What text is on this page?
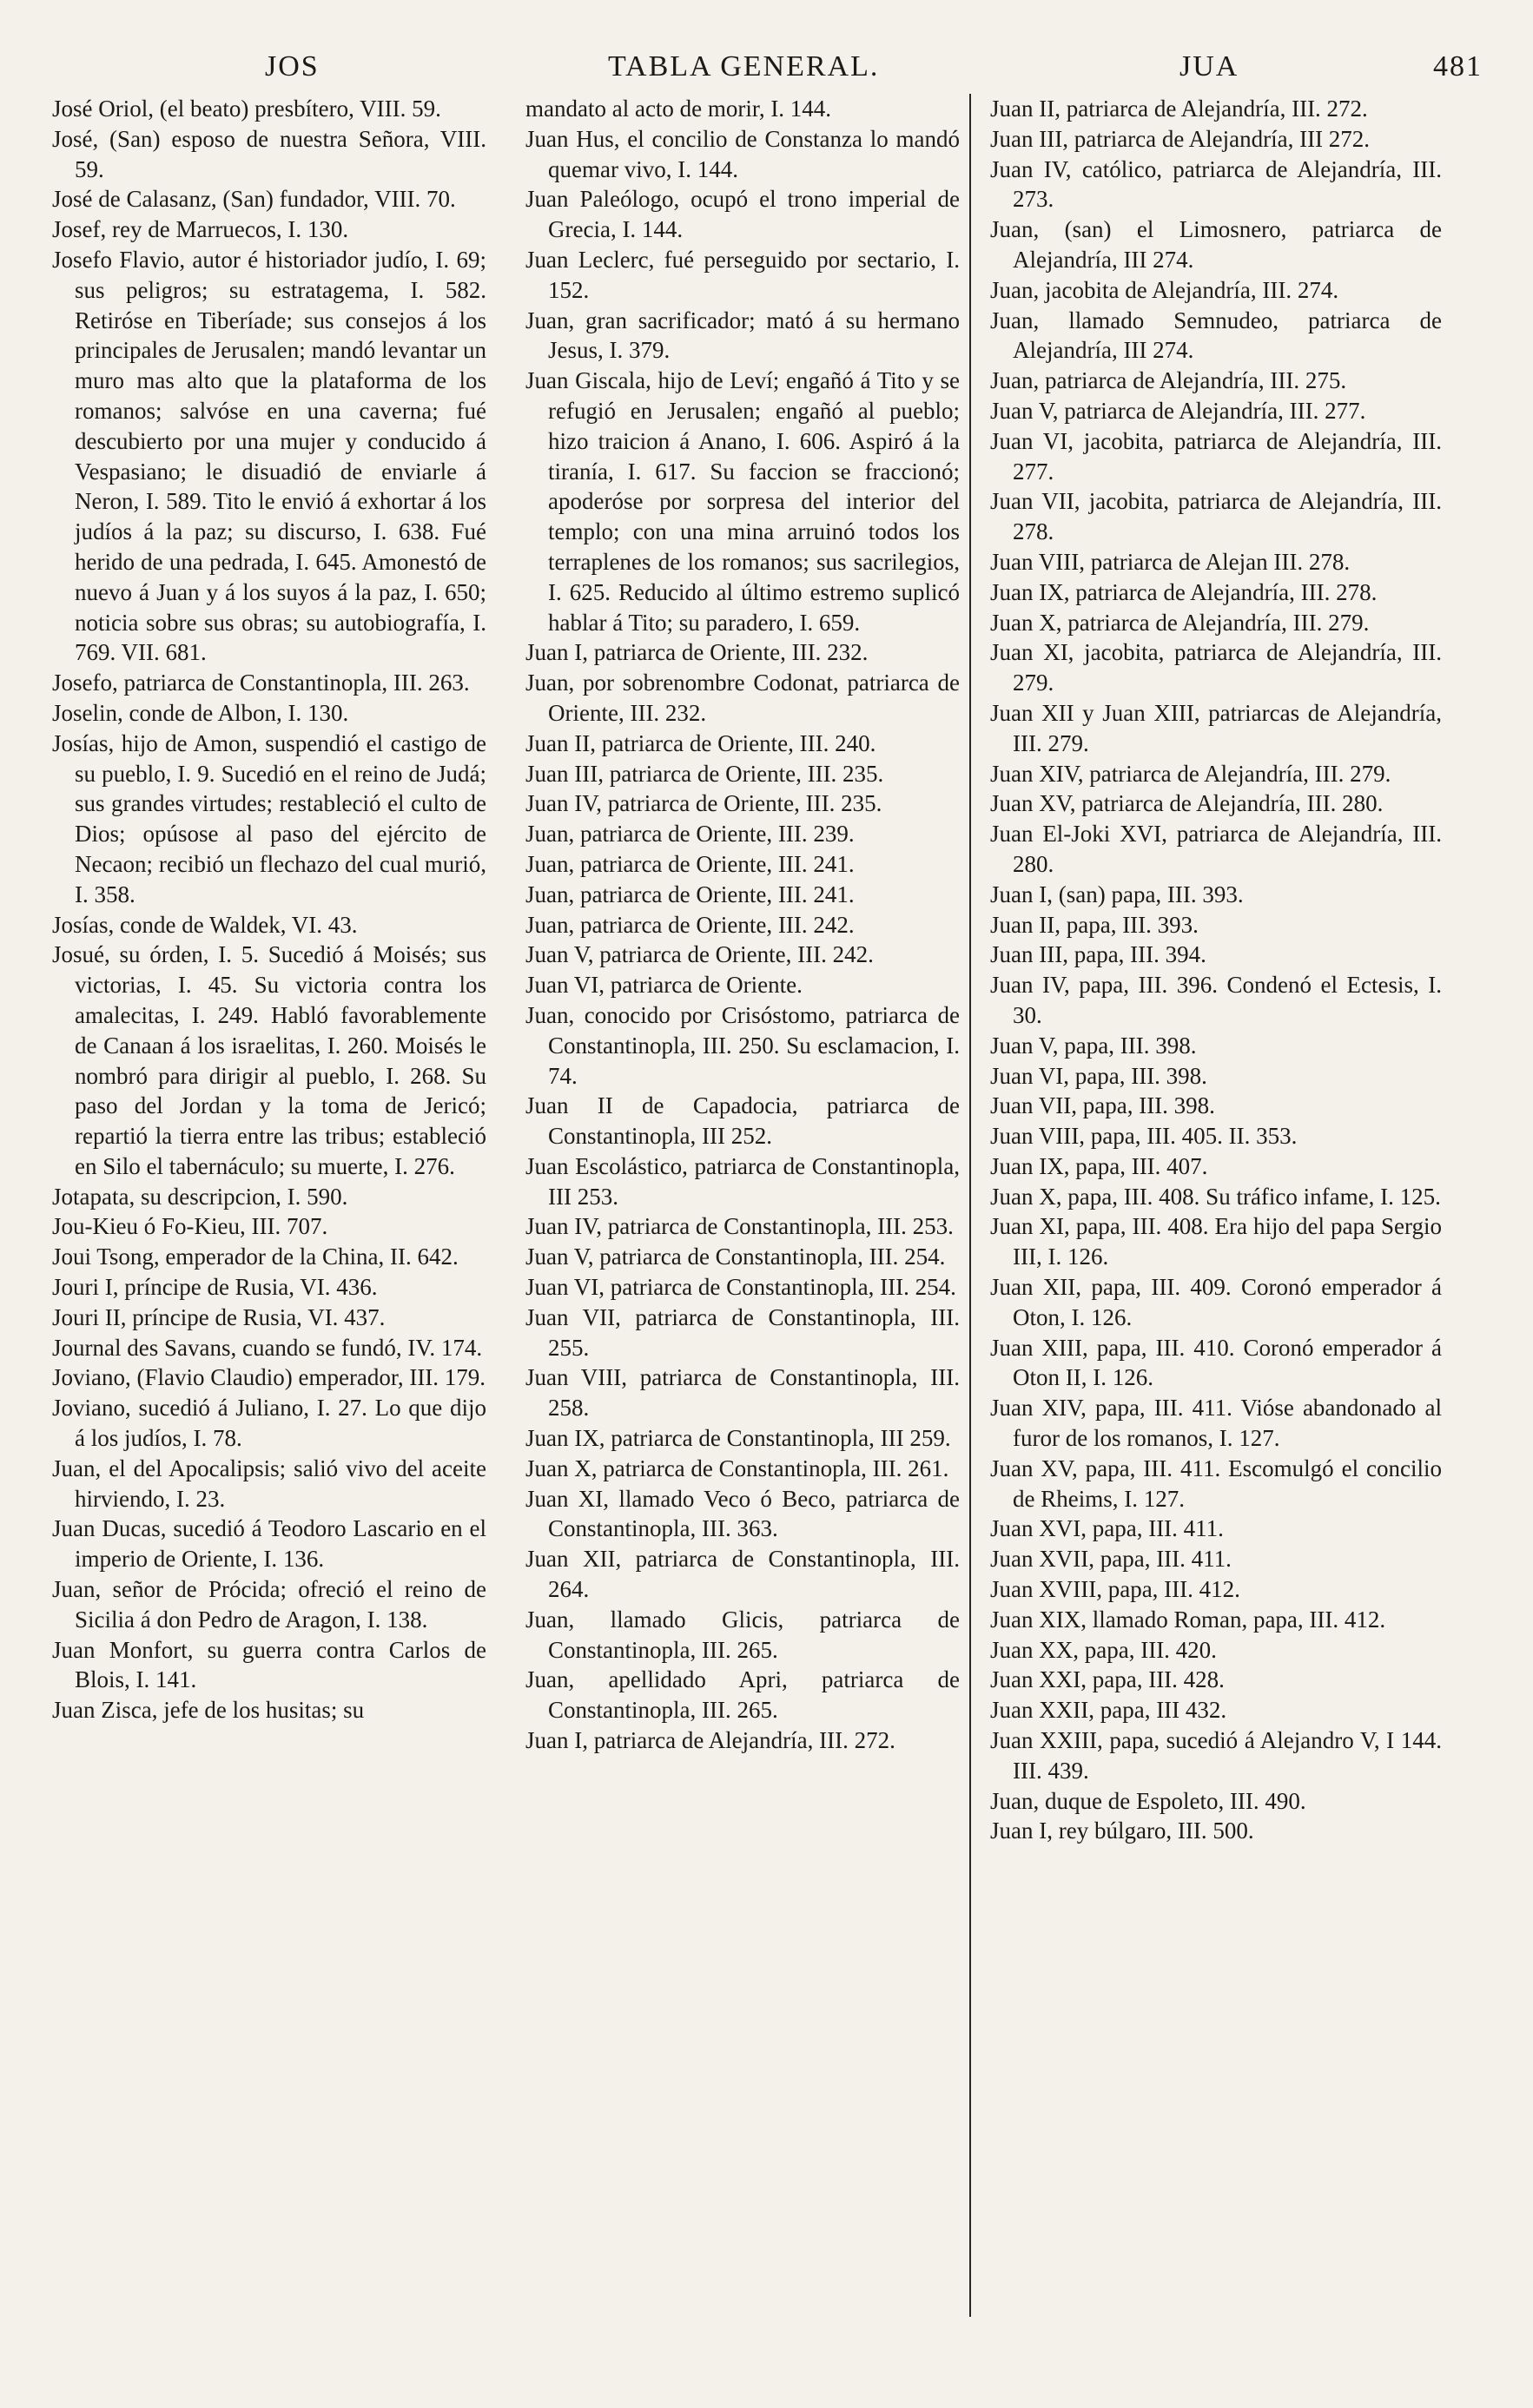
JOS	TABLA GENERAL.	JUA	481

José Oriol, (el beato) presbítero, VIII. 59.

José, (San) esposo de nuestra Señora, VIII. 59.

José de Calasanz, (San) fundador, VIII. 70.

Josef, rey de Marruecos, I. 130.

Josefo Flavio, autor é historiador judío, I. 69; sus peligros; su estratagema, I. 582. Retiróse en Tiberíade; sus consejos á los principales de Jerusalen; mandó levantar un muro mas alto que la plataforma de los romanos; salvóse en una caverna; fué descubierto por una mujer y conducido á Vespasiano; le disuadió de enviarle á Neron, I. 589. Tito le envió á exhortar á los judíos á la paz; su discurso, I. 638. Fué herido de una pedrada, I. 645. Amonestó de nuevo á Juan y á los suyos á la paz, I. 650; noticia sobre sus obras; su autobiografía, I. 769. VII. 681.

Josefo, patriarca de Constantinopla, III. 263.

Joselin, conde de Albon, I. 130.

Josías, hijo de Amon, suspendió el castigo de su pueblo, I. 9. Sucedió en el reino de Judá; sus grandes virtudes; restableció el culto de Dios; opúsose al paso del ejército de Necaon; recibió un flechazo del cual murió, I. 358.

Josías, conde de Waldek, VI. 43.

Josué, su órden, I. 5. Sucedió á Moisés; sus victorias, I. 45. Su victoria contra los amalecitas, I. 249. Habló favorablemente de Canaan á los israelitas, I. 260. Moisés le nombró para dirigir al pueblo, I. 268. Su paso del Jordan y la toma de Jericó; repartió la tierra entre las tribus; estableció en Silo el tabernáculo; su muerte, I. 276.

Jotapata, su descripcion, I. 590.

Jou-Kieu ó Fo-Kieu, III. 707.

Joui Tsong, emperador de la China, II. 642.

Jouri I, príncipe de Rusia, VI. 436.

Jouri II, príncipe de Rusia, VI. 437.

Journal des Savans, cuando se fundó, IV. 174.

Joviano, (Flavio Claudio) emperador, III. 179.

Joviano, sucedió á Juliano, I. 27. Lo que dijo á los judíos, I. 78.

Juan, el del Apocalipsis; salió vivo del aceite hirviendo, I. 23.

Juan Ducas, sucedió á Teodoro Lascario en el imperio de Oriente, I. 136.

Juan, señor de Prócida; ofreció el reino de Sicilia á don Pedro de Aragon, I. 138.

Juan Monfort, su guerra contra Carlos de Blois, I. 141.

Juan Zisca, jefe de los husitas; su

mandato al acto de morir, I. 144.

Juan Hus, el concilio de Constanza lo mandó quemar vivo, I. 144.

Juan Paleólogo, ocupó el trono imperial de Grecia, I. 144.

Juan Leclerc, fué perseguido por sectario, I. 152.

Juan, gran sacrificador; mató á su hermano Jesus, I. 379.

Juan Giscala, hijo de Leví; engañó á Tito y se refugió en Jerusalen; engañó al pueblo; hizo traicion á Anano, I. 606. Aspiró á la tiranía, I. 617. Su faccion se fraccionó; apoderóse por sorpresa del interior del templo; con una mina arruinó todos los terraplenes de los romanos; sus sacrilegios, I. 625. Reducido al último estremo suplicó hablar á Tito; su paradero, I. 659.

Juan I, patriarca de Oriente, III. 232.

Juan, por sobrenombre Codonat, patriarca de Oriente, III. 232.

Juan II, patriarca de Oriente, III. 240.

Juan III, patriarca de Oriente, III. 235.

Juan IV, patriarca de Oriente, III. 235.

Juan, patriarca de Oriente, III. 239.

Juan, patriarca de Oriente, III. 241.

Juan, patriarca de Oriente, III. 241.

Juan, patriarca de Oriente, III. 242.

Juan V, patriarca de Oriente, III. 242.

Juan VI, patriarca de Oriente.

Juan, conocido por Crisóstomo, patriarca de Constantinopla, III. 250. Su esclamacion, I. 74.

Juan II de Capadocia, patriarca de Constantinopla, III 252.

Juan Escolástico, patriarca de Constantinopla, III 253.

Juan IV, patriarca de Constantinopla, III. 253.

Juan V, patriarca de Constantinopla, III. 254.

Juan VI, patriarca de Constantinopla, III. 254.

Juan VII, patriarca de Constantinopla, III. 255.

Juan VIII, patriarca de Constantinopla, III. 258.

Juan IX, patriarca de Constantinopla, III 259.

Juan X, patriarca de Constantinopla, III. 261.

Juan XI, llamado Veco ó Beco, patriarca de Constantinopla, III. 363.

Juan XII, patriarca de Constantinopla, III. 264.

Juan, llamado Glicis, patriarca de Constantinopla, III. 265.

Juan, apellidado Apri, patriarca de Constantinopla, III. 265.

Juan I, patriarca de Alejandría, III. 272.

Juan II, patriarca de Alejandría, III. 272.

Juan III, patriarca de Alejandría, III 272.

Juan IV, católico, patriarca de Alejandría, III. 273.

Juan, (san) el Limosnero, patriarca de Alejandría, III 274.

Juan, jacobita de Alejandría, III. 274.

Juan, llamado Semnudeo, patriarca de Alejandría, III 274.

Juan, patriarca de Alejandría, III. 275.

Juan V, patriarca de Alejandría, III. 277.

Juan VI, jacobita, patriarca de Alejandría, III. 277.

Juan VII, jacobita, patriarca de Alejandría, III. 278.

Juan VIII, patriarca de Alejan III. 278.

Juan IX, patriarca de Alejandría, III. 278.

Juan X, patriarca de Alejandría, III. 279.

Juan XI, jacobita, patriarca de Alejandría, III. 279.

Juan XII y Juan XIII, patriarcas de Alejandría, III. 279.

Juan XIV, patriarca de Alejandría, III. 279.

Juan XV, patriarca de Alejandría, III. 280.

Juan El-Joki XVI, patriarca de Alejandría, III. 280.

Juan I, (san) papa, III. 393.

Juan II, papa, III. 393.

Juan III, papa, III. 394.

Juan IV, papa, III. 396. Condenó el Ectesis, I. 30.

Juan V, papa, III. 398.

Juan VI, papa, III. 398.

Juan VII, papa, III. 398.

Juan VIII, papa, III. 405. II. 353.

Juan IX, papa, III. 407.

Juan X, papa, III. 408. Su tráfico infame, I. 125.

Juan XI, papa, III. 408. Era hijo del papa Sergio III, I. 126.

Juan XII, papa, III. 409. Coronó emperador á Oton, I. 126.

Juan XIII, papa, III. 410. Coronó emperador á Oton II, I. 126.

Juan XIV, papa, III. 411. Vióse abandonado al furor de los romanos, I. 127.

Juan XV, papa, III. 411. Escomulgó el concilio de Rheims, I. 127.

Juan XVI, papa, III. 411.

Juan XVII, papa, III. 411.

Juan XVIII, papa, III. 412.

Juan XIX, llamado Roman, papa, III. 412.

Juan XX, papa, III. 420.

Juan XXI, papa, III. 428.

Juan XXII, papa, III 432.

Juan XXIII, papa, sucedió á Alejandro V, I 144. III. 439.

Juan, duque de Espoleto, III. 490.

Juan I, rey búlgaro, III. 500.
